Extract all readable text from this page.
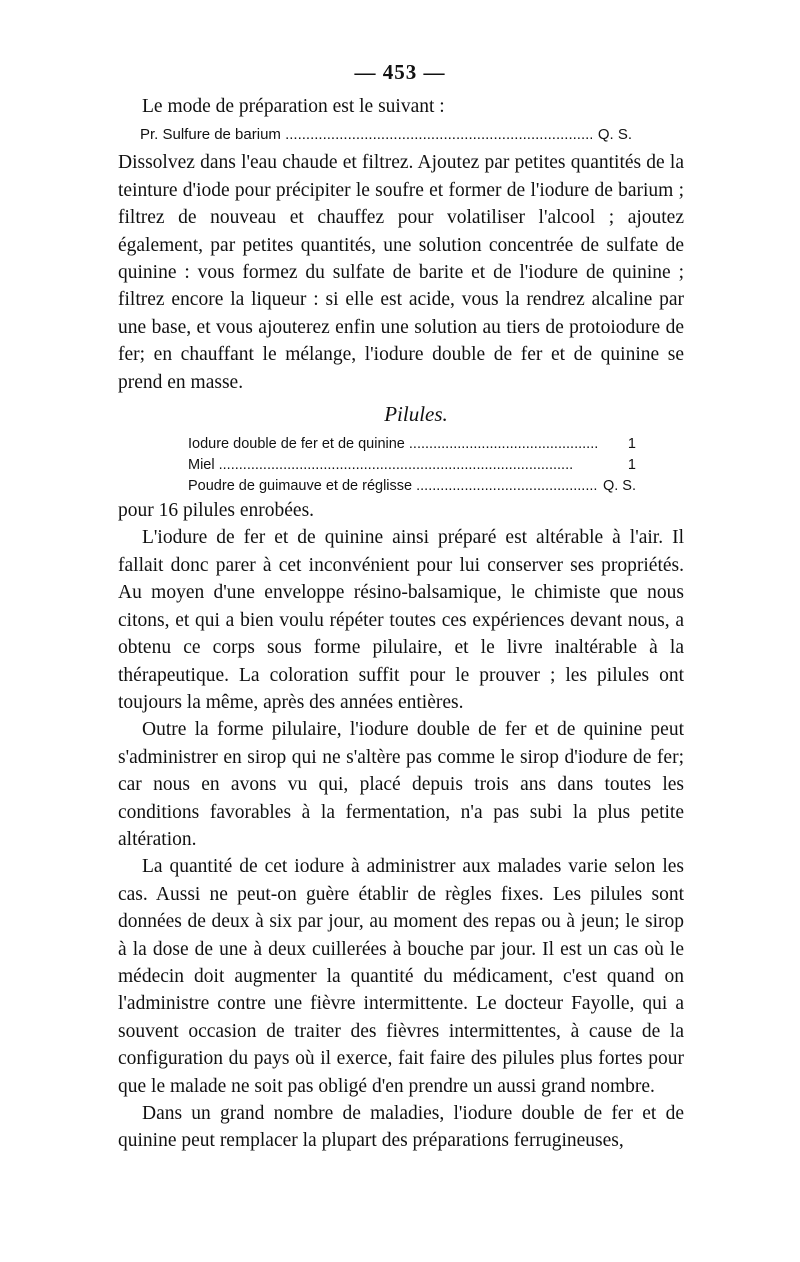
— 453 —

Le mode de préparation est le suivant :

Pr. Sulfure de barium .....	Q. S.

Dissolvez dans l'eau chaude et filtrez. Ajoutez par petites quantités de la teinture d'iode pour précipiter le soufre et former de l'iodure de barium ; filtrez de nouveau et chauffez pour volatiliser l'alcool ; ajoutez également, par petites quantités, une solution concentrée de sulfate de quinine : vous formez du sulfate de barite et de l'iodure de quinine ; filtrez encore la liqueur : si elle est acide, vous la rendrez alcaline par une base, et vous ajouterez enfin une solution au tiers de protoiodure de fer; en chauffant le mélange, l'iodure double de fer et de quinine se prend en masse.

Pilules.
Iodure double de fer et de quinine .....	1
Miel .....	1
Poudre de guimauve et de réglisse .....	Q. S.

pour 16 pilules enrobées.

L'iodure de fer et de quinine ainsi préparé est altérable à l'air. Il fallait donc parer à cet inconvénient pour lui conserver ses propriétés. Au moyen d'une enveloppe résino-balsamique, le chimiste que nous citons, et qui a bien voulu répéter toutes ces expériences devant nous, a obtenu ce corps sous forme pilulaire, et le livre inaltérable à la thérapeutique. La coloration suffit pour le prouver ; les pilules ont toujours la même, après des années entières.

Outre la forme pilulaire, l'iodure double de fer et de quinine peut s'administrer en sirop qui ne s'altère pas comme le sirop d'iodure de fer; car nous en avons vu qui, placé depuis trois ans dans toutes les conditions favorables à la fermentation, n'a pas subi la plus petite altération.

La quantité de cet iodure à administrer aux malades varie selon les cas. Aussi ne peut-on guère établir de règles fixes. Les pilules sont données de deux à six par jour, au moment des repas ou à jeun; le sirop à la dose de une à deux cuillerées à bouche par jour. Il est un cas où le médecin doit augmenter la quantité du médicament, c'est quand on l'administre contre une fièvre intermittente. Le docteur Fayolle, qui a souvent occasion de traiter des fièvres intermittentes, à cause de la configuration du pays où il exerce, fait faire des pilules plus fortes pour que le malade ne soit pas obligé d'en prendre un aussi grand nombre.

Dans un grand nombre de maladies, l'iodure double de fer et de quinine peut remplacer la plupart des préparations ferrugineuses,
